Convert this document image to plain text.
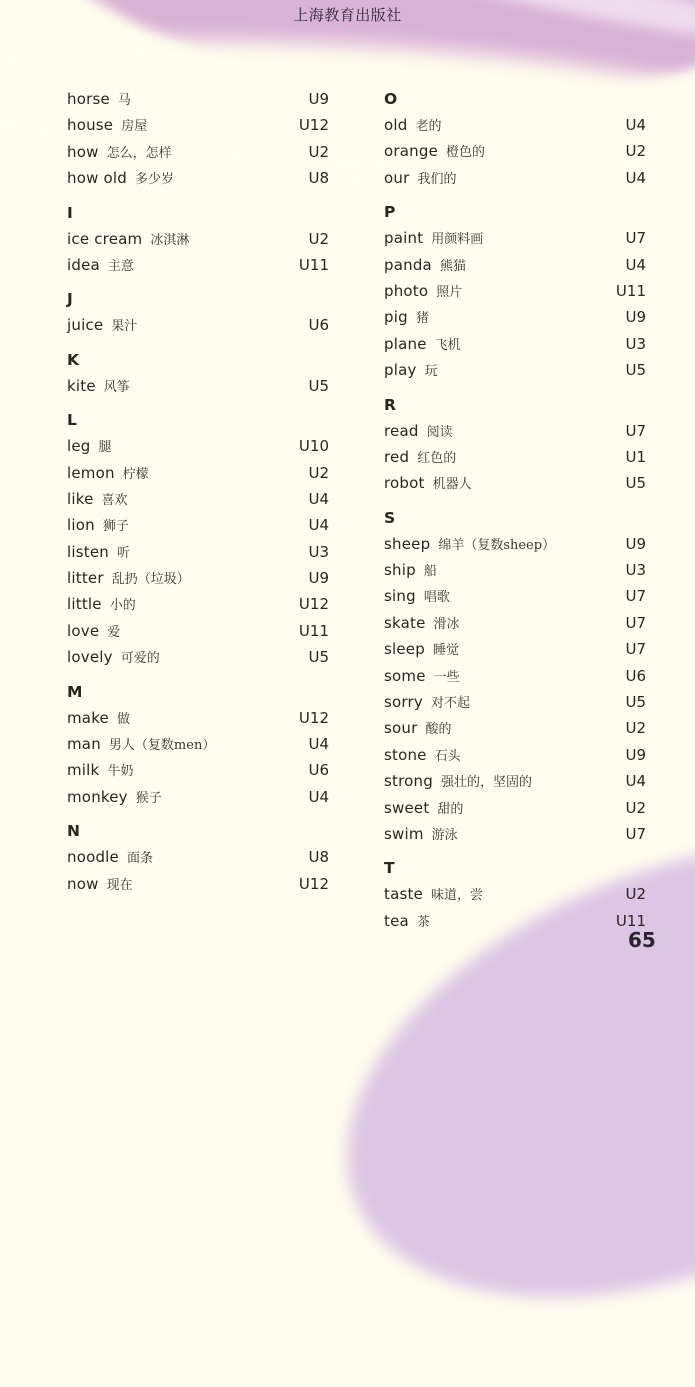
上海教育出版社
horse 马	U9
house 房屋	U12
how 怎么，怎样	U2
how old 多少岁	U8
I
ice cream 冰淇淋	U2
idea 主意	U11
J
juice 果汁	U6
K
kite 风筝	U5
L
leg 腿	U10
lemon 柠檬	U2
like 喜欢	U4
lion 狮子	U4
listen 听	U3
litter 乱扔（垃圾）	U9
little 小的	U12
love 爱	U11
lovely 可爱的	U5
M
make 做	U12
man 男人（复数men）	U4
milk 牛奶	U6
monkey 猴子	U4
N
noodle 面条	U8
now 现在	U12
O
old 老的	U4
orange 橙色的	U2
our 我们的	U4
P
paint 用颜料画	U7
panda 熊猫	U4
photo 照片	U11
pig 猪	U9
plane 飞机	U3
play 玩	U5
R
read 阅读	U7
red 红色的	U1
robot 机器人	U5
S
sheep 绵羊（复数sheep）	U9
ship 船	U3
sing 唱歌	U7
skate 滑冰	U7
sleep 睡觉	U7
some 一些	U6
sorry 对不起	U5
sour 酸的	U2
stone 石头	U9
strong 强壮的，坚固的	U4
sweet 甜的	U2
swim 游泳	U7
T
taste 味道，尝	U2
tea 茶	U11
65
